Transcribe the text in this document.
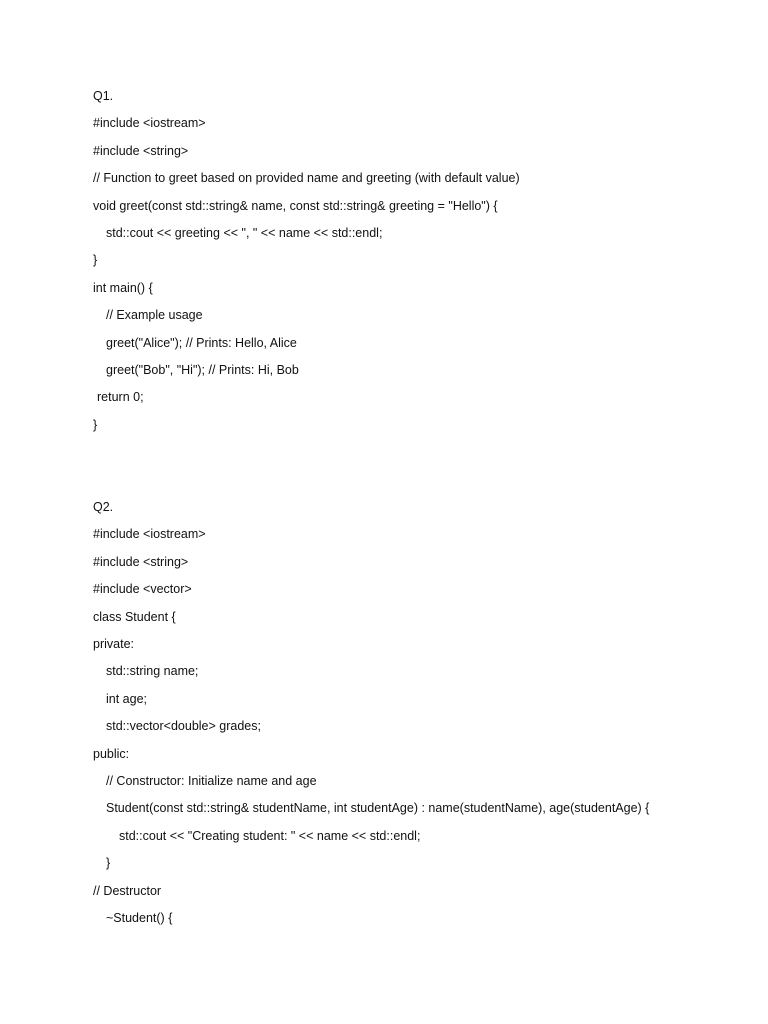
Q1.
#include <iostream>
#include <string>
// Function to greet based on provided name and greeting (with default value)
void greet(const std::string& name, const std::string& greeting = "Hello") {
std::cout << greeting << ", " << name << std::endl;
}
int main() {
// Example usage
greet("Alice"); // Prints: Hello, Alice
greet("Bob", "Hi"); // Prints: Hi, Bob
return 0;
}
Q2.
#include <iostream>
#include <string>
#include <vector>
class Student {
private:
std::string name;
int age;
std::vector<double> grades;
public:
// Constructor: Initialize name and age
Student(const std::string& studentName, int studentAge) : name(studentName), age(studentAge) {
std::cout << "Creating student: " << name << std::endl;
}
// Destructor
~Student() {
